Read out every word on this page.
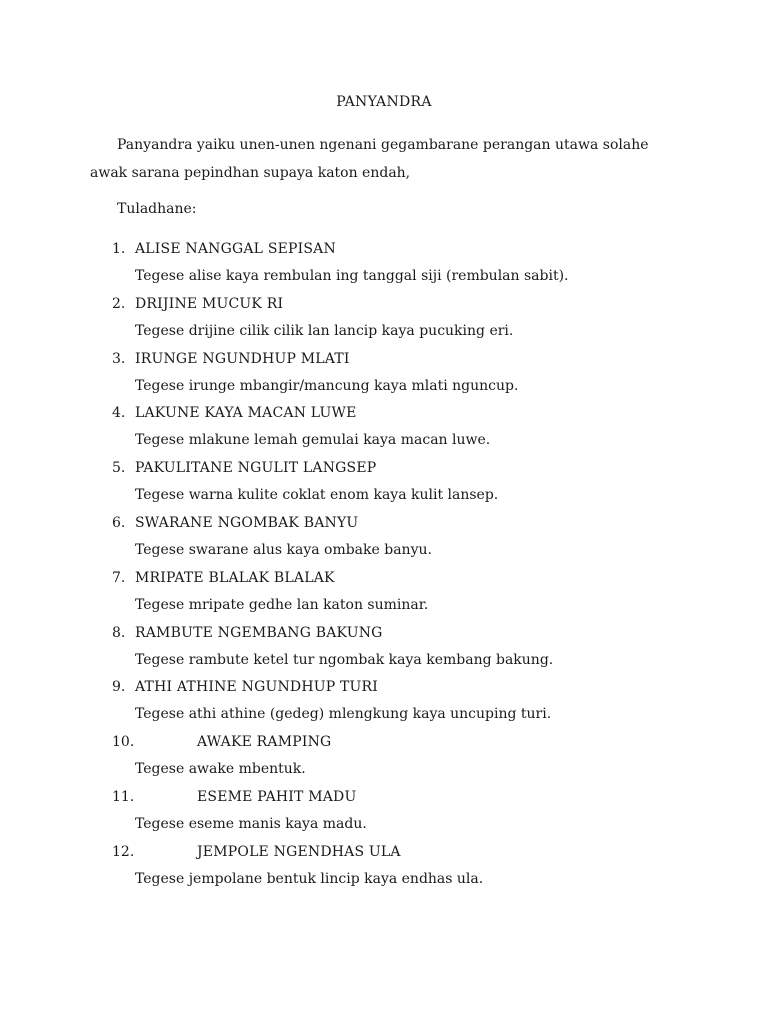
PANYANDRA
Panyandra yaiku unen-unen ngenani gegambarane perangan utawa solahe awak sarana pepindhan supaya katon endah,
Tuladhane:
1. ALISE NANGGAL SEPISAN
Tegese alise kaya rembulan ing tanggal siji (rembulan sabit).
2. DRIJINE MUCUK RI
Tegese drijine cilik cilik lan lancip kaya pucuking eri.
3. IRUNGE NGUNDHUP MLATI
Tegese irunge mbangir/mancung kaya mlati nguncup.
4. LAKUNE KAYA MACAN LUWE
Tegese mlakune lemah gemulai kaya macan luwe.
5. PAKULITANE NGULIT LANGSEP
Tegese warna kulite coklat enom kaya kulit lansep.
6. SWARANE NGOMBAK BANYU
Tegese swarane alus kaya ombake banyu.
7. MRIPATE BLALAK BLALAK
Tegese mripate gedhe lan katon suminar.
8. RAMBUTE NGEMBANG BAKUNG
Tegese rambute ketel tur ngombak kaya kembang bakung.
9. ATHI ATHINE NGUNDHUP TURI
Tegese athi athine (gedeg) mlengkung kaya uncuping turi.
10.	AWAKE RAMPING
Tegese awake mbentuk.
11.	ESEME PAHIT MADU
Tegese eseme manis kaya madu.
12.	JEMPOLE NGENDHAS ULA
Tegese jempolane bentuk lincip kaya endhas ula.
